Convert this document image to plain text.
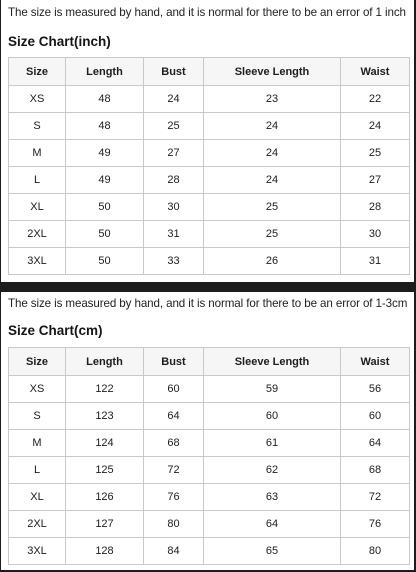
The size is measured by hand, and it is normal for there to be an error of 1 inch
Size Chart(inch)
Size	Length	Bust	Sleeve Length	Waist
XS	48	24	23	22
S	48	25	24	24
M	49	27	24	25
L	49	28	24	27
XL	50	30	25	28
2XL	50	31	25	30
3XL	50	33	26	31
The size is measured by hand, and it is normal for there to be an error of 1-3cm
Size Chart(cm)
Size	Length	Bust	Sleeve Length	Waist
XS	122	60	59	56
S	123	64	60	60
M	124	68	61	64
L	125	72	62	68
XL	126	76	63	72
2XL	127	80	64	76
3XL	128	84	65	80
